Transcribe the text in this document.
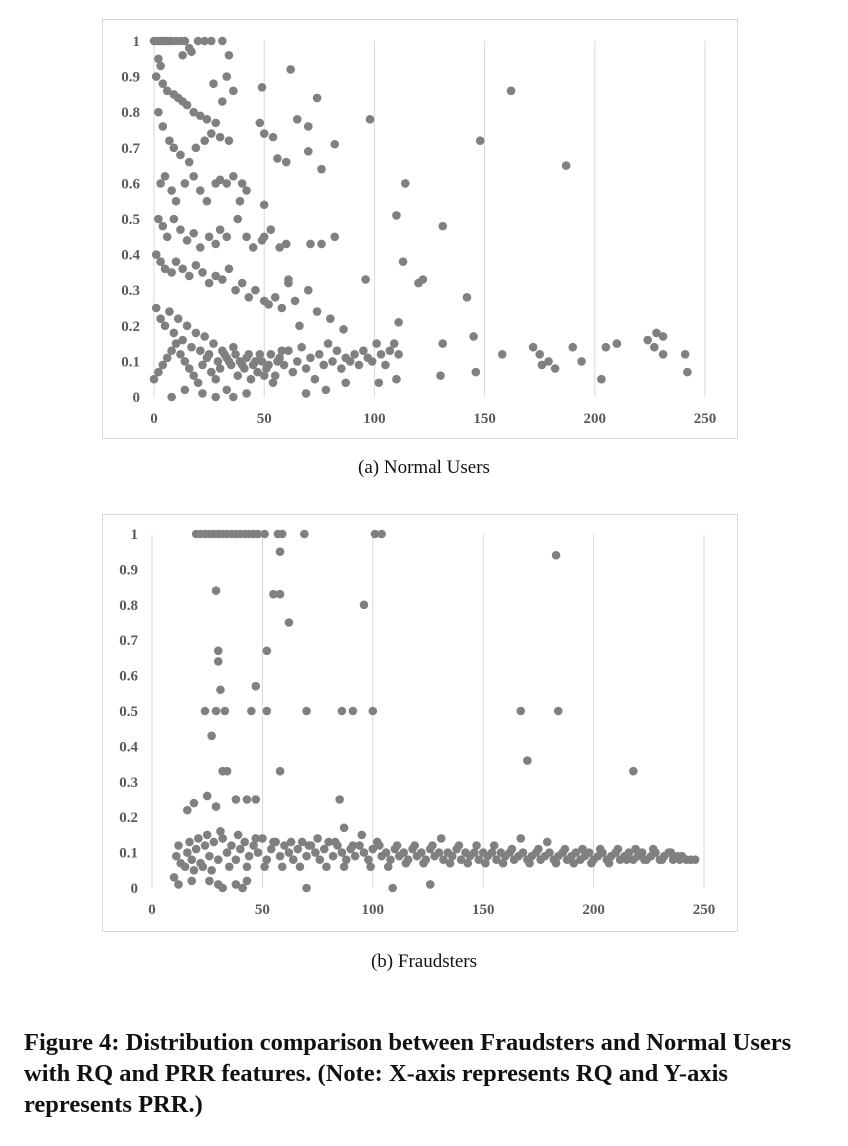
0	50	100	150	200	250
0
0.1
0.2
0.3
0.4
0.5
0.6
0.7
0.8
0.9
1
(a) Normal Users
0	50	100	150	200	250
0
0.1
0.2
0.3
0.4
0.5
0.6
0.7
0.8
0.9
1
(b) Fraudsters
Figure 4: Distribution comparison between Fraudsters and Normal Users with RQ and PRR features. (Note: X-axis represents RQ and Y-axis represents PRR.)
